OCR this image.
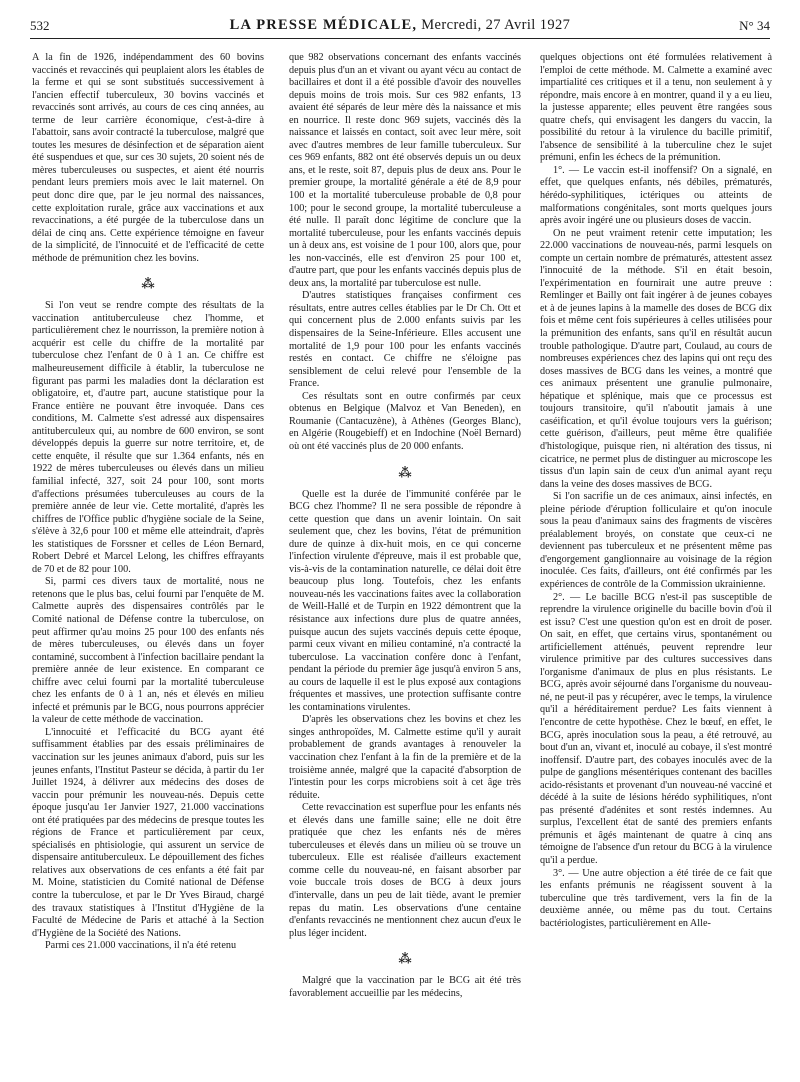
532	LA PRESSE MÉDICALE, Mercredi, 27 Avril 1927	N° 34

A la fin de 1926, indépendamment des 60 bovins vaccinés et revaccinés qui peuplaient alors les étables de la ferme et qui se sont substitués successivement à l'ancien effectif tuberculeux, 30 bovins vaccinés et revaccinés sont arrivés, au cours de ces cinq années, au terme de leur carrière économique, c'est-à-dire à l'abattoir, sans avoir contracté la tuberculose, malgré que toutes les mesures de désinfection et de séparation aient été suspendues et que, sur ces 30 sujets, 20 soient nés de mères tuberculeuses ou suspectes, et aient été nourris pendant leurs premiers mois avec le lait maternel. On peut donc dire que, par le jeu normal des naissances, cette exploitation rurale, grâce aux vaccinations et aux revaccinations, a été purgée de la tuberculose dans un délai de cinq ans. Cette expérience témoigne en faveur de la simplicité, de l'innocuité et de l'efficacité de cette méthode de prémunition chez les bovins.

⁂

Si l'on veut se rendre compte des résultats de la vaccination antituberculeuse chez l'homme, et particulièrement chez le nourrisson, la première notion à acquérir est celle du chiffre de la mortalité par tuberculose chez l'enfant de 0 à 1 an. Ce chiffre est malheureusement difficile à établir, la tuberculose ne figurant pas parmi les maladies dont la déclaration est obligatoire, et, d'autre part, aucune statistique pour la France entière ne pouvant être invoquée. Dans ces conditions, M. Calmette s'est adressé aux dispensaires antituberculeux qui, au nombre de 600 environ, se sont développés depuis la guerre sur notre territoire, et, de cette enquête, il résulte que sur 1.364 enfants, nés en 1922 de mères tuberculeuses ou élevés dans un milieu familial infecté, 327, soit 24 pour 100, sont morts d'affections présumées tuberculeuses au cours de la première année de leur vie. Cette mortalité, d'après les chiffres de l'Office public d'hygiène sociale de la Seine, s'élève à 32,6 pour 100 et même elle atteindrait, d'après les statistiques de Forssner et celles de Léon Bernard, Robert Debré et Marcel Lelong, les chiffres effrayants de 70 et de 82 pour 100.

Si, parmi ces divers taux de mortalité, nous ne retenons que le plus bas, celui fourni par l'enquête de M. Calmette auprès des dispensaires contrôlés par le Comité national de Défense contre la tuberculose, on peut affirmer qu'au moins 25 pour 100 des enfants nés de mères tuberculeuses, ou élevés dans un foyer contaminé, succombent à l'infection bacillaire pendant la première année de leur existence. En comparant ce chiffre avec celui fourni par la mortalité tuberculeuse chez les enfants de 0 à 1 an, nés et élevés en milieu infecté et prémunis par le BCG, nous pourrons apprécier la valeur de cette méthode de vaccination.

L'innocuité et l'efficacité du BCG ayant été suffisamment établies par des essais préliminaires de vaccination sur les jeunes animaux d'abord, puis sur les jeunes enfants, l'Institut Pasteur se décida, à partir du 1er Juillet 1924, à délivrer aux médecins des doses de vaccin pour prémunir les nouveau-nés. Depuis cette époque jusqu'au 1er Janvier 1927, 21.000 vaccinations ont été pratiquées par des médecins de presque toutes les régions de France et particulièrement par ceux, spécialisés en phtisiologie, qui assurent un service de dispensaire antituberculeux. Le dépouillement des fiches relatives aux observations de ces enfants a été fait par M. Moine, statisticien du Comité national de Défense contre la tuberculose, et par le Dr Yves Biraud, chargé des travaux statistiques à l'Institut d'Hygiène de la Faculté de Médecine de Paris et attaché à la Section d'Hygiène de la Société des Nations.

Parmi ces 21.000 vaccinations, il n'a été retenu

que 982 observations concernant des enfants vaccinés depuis plus d'un an et vivant ou ayant vécu au contact de bacillaires et dont il a été possible d'avoir des nouvelles depuis moins de trois mois. Sur ces 982 enfants, 13 avaient été séparés de leur mère dès la naissance et mis en nourrice. Il reste donc 969 sujets, vaccinés dès la naissance et laissés en contact, soit avec leur mère, soit avec d'autres membres de leur famille tuberculeux. Sur ces 969 enfants, 882 ont été observés depuis un ou deux ans, et le reste, soit 87, depuis plus de deux ans. Pour le premier groupe, la mortalité générale a été de 8,9 pour 100 et la mortalité tuberculeuse probable de 0,8 pour 100; pour le second groupe, la mortalité tuberculeuse a été nulle. Il paraît donc légitime de conclure que la mortalité tuberculeuse, pour les enfants vaccinés depuis un à deux ans, est voisine de 1 pour 100, alors que, pour les non-vaccinés, elle est d'environ 25 pour 100 et, d'autre part, que pour les enfants vaccinés depuis plus de deux ans, la mortalité par tuberculose est nulle.

D'autres statistiques françaises confirment ces résultats, entre autres celles établies par le Dr Ch. Ott et qui concernent plus de 2.000 enfants suivis par les dispensaires de la Seine-Inférieure. Elles accusent une mortalité de 1,9 pour 100 pour les enfants vaccinés restés en contact. Ce chiffre ne s'éloigne pas sensiblement de celui relevé pour l'ensemble de la France.

Ces résultats sont en outre confirmés par ceux obtenus en Belgique (Malvoz et Van Beneden), en Roumanie (Cantacuzène), à Athènes (Georges Blanc), en Algérie (Rougebieff) et en Indochine (Noël Bernard) où ont été vaccinés plus de 20 000 enfants.

⁂

Quelle est la durée de l'immunité conférée par le BCG chez l'homme? Il ne sera possible de répondre à cette question que dans un avenir lointain. On sait seulement que, chez les bovins, l'état de prémunition dure de quinze à dix-huit mois, en ce qui concerne l'infection virulente d'épreuve, mais il est probable que, vis-à-vis de la contamination naturelle, ce délai doit être beaucoup plus long. Toutefois, chez les enfants nouveau-nés les vaccinations faites avec la collaboration de Weill-Hallé et de Turpin en 1922 démontrent que la résistance aux infections dure plus de quatre années, puisque aucun des sujets vaccinés depuis cette époque, parmi ceux vivant en milieu contaminé, n'a contracté la tuberculose. La vaccination confère donc à l'enfant, pendant la période du premier âge jusqu'à environ 5 ans, au cours de laquelle il est le plus exposé aux contagions fréquentes et massives, une protection suffisante contre les contaminations virulentes.

D'après les observations chez les bovins et chez les singes anthropoïdes, M. Calmette estime qu'il y aurait probablement de grands avantages à renouveler la vaccination chez l'enfant à la fin de la première et de la troisième année, malgré que la capacité d'absorption de l'intestin pour les corps microbiens soit à cet âge très réduite.

Cette revaccination est superflue pour les enfants nés et élevés dans une famille saine; elle ne doit être pratiquée que chez les enfants nés de mères tuberculeuses et élevés dans un milieu où se trouve un tuberculeux. Elle est réalisée d'ailleurs exactement comme celle du nouveau-né, en faisant absorber par voie buccale trois doses de BCG à deux jours d'intervalle, dans un peu de lait tiède, avant le premier repas du matin. Les observations d'une centaine d'enfants revaccinés ne mentionnent chez aucun d'eux le plus léger incident.

⁂

Malgré que la vaccination par le BCG ait été très favorablement accueillie par les médecins,

quelques objections ont été formulées relativement à l'emploi de cette méthode. M. Calmette a examiné avec impartialité ces critiques et il a tenu, non seulement à y répondre, mais encore à en montrer, quand il y a eu lieu, la justesse apparente; elles peuvent être rangées sous quatre chefs, qui envisagent les dangers du vaccin, la possibilité du retour à la virulence du bacille primitif, l'absence de sensibilité à la tuberculine chez le sujet prémuni, enfin les échecs de la prémunition.

1°. — Le vaccin est-il inoffensif? On a signalé, en effet, que quelques enfants, nés débiles, prématurés, hérédo-syphilitiques, ictériques ou atteints de malformations congénitales, sont morts quelques jours après avoir ingéré une ou plusieurs doses de vaccin.

On ne peut vraiment retenir cette imputation; les 22.000 vaccinations de nouveau-nés, parmi lesquels on compte un certain nombre de prématurés, attestent assez l'innocuité de la méthode. S'il en était besoin, l'expérimentation en fournirait une autre preuve : Remlinger et Bailly ont fait ingérer à de jeunes cobayes et à de jeunes lapins à la mamelle des doses de BCG dix fois et même cent fois supérieures à celles utilisées pour la prémunition des enfants, sans qu'il en résultât aucun trouble pathologique. D'autre part, Coulaud, au cours de nombreuses expériences chez des lapins qui ont reçu des doses massives de BCG dans les veines, a montré que ces animaux présentent une granulie pulmonaire, hépatique et splénique, mais que ce processus est toujours transitoire, qu'il n'aboutit jamais à une caséification, et qu'il évolue toujours vers la guérison; cette guérison, d'ailleurs, peut même être qualifiée d'histologique, puisque rien, ni altération des tissus, ni cicatrice, ne permet plus de distinguer au microscope les tissus d'un lapin sain de ceux d'un animal ayant reçu dans la veine des doses massives de BCG.

Si l'on sacrifie un de ces animaux, ainsi infectés, en pleine période d'éruption folliculaire et qu'on inocule sous la peau d'animaux sains des fragments de viscères préalablement broyés, on constate que ceux-ci ne deviennent pas tuberculeux et ne présentent même pas d'engorgement ganglionnaire au voisinage de la région inoculée. Ces faits, d'ailleurs, ont été confirmés par les expériences de contrôle de la Commission ukrainienne.

2°. — Le bacille BCG n'est-il pas susceptible de reprendre la virulence originelle du bacille bovin d'où il est issu? C'est une question qu'on est en droit de poser. On sait, en effet, que certains virus, spontanément ou artificiellement atténués, peuvent reprendre leur virulence primitive par des cultures successives dans l'organisme d'animaux de plus en plus résistants. Le BCG, après avoir séjourné dans l'organisme du nouveau-né, ne peut-il pas y récupérer, avec le temps, la virulence qu'il a héréditairement perdue? Les faits viennent à l'encontre de cette hypothèse. Chez le bœuf, en effet, le BCG, après inoculation sous la peau, a été retrouvé, au bout d'un an, vivant et, inoculé au cobaye, il s'est montré inoffensif. D'autre part, des cobayes inoculés avec de la pulpe de ganglions mésentériques contenant des bacilles acido-résistants et provenant d'un nouveau-né vacciné et décédé à la suite de lésions hérédo syphilitiques, n'ont pas présenté d'adénites et sont restés indemnes. Au surplus, l'excellent état de santé des premiers enfants prémunis et âgés maintenant de quatre à cinq ans témoigne de l'absence d'un retour du BCG à la virulence qu'il a perdue.

3°. — Une autre objection a été tirée de ce fait que les enfants prémunis ne réagissent souvent à la tuberculine que très tardivement, vers la fin de la deuxième année, ou même pas du tout. Certains bactériologistes, particulièrement en Alle-
